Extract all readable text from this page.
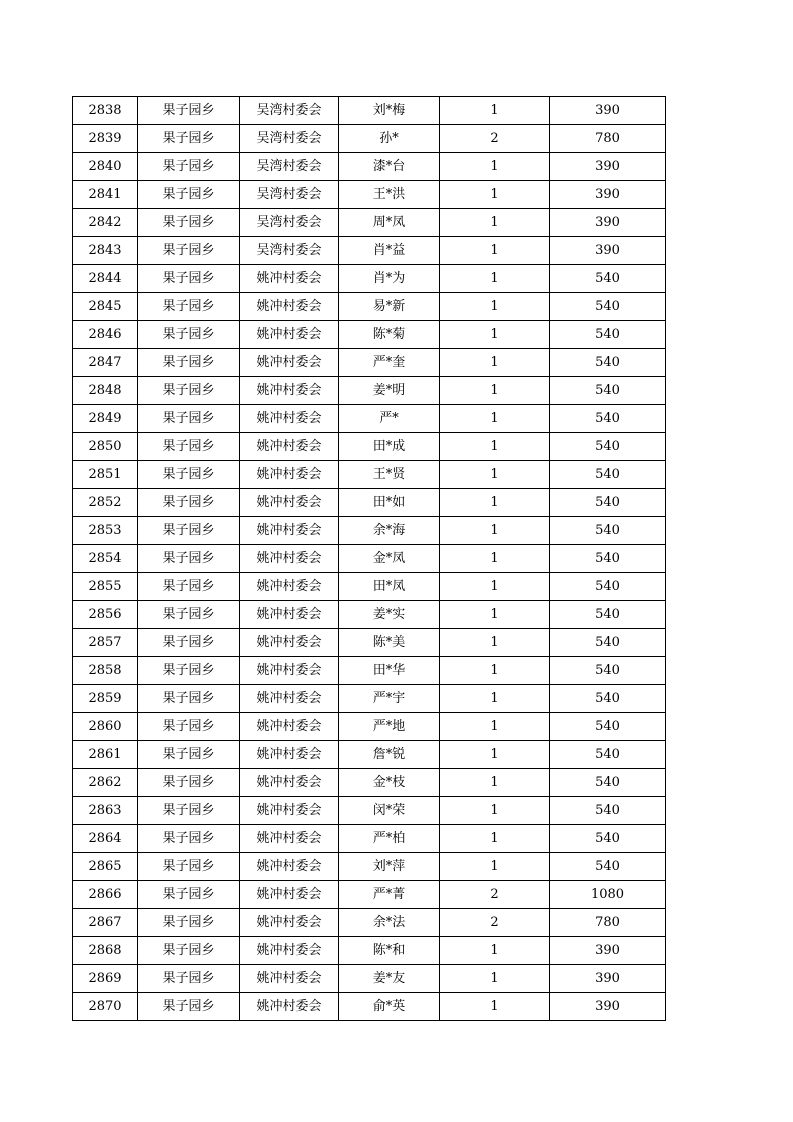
2838	果子园乡	吴湾村委会	刘*梅	1	390
2839	果子园乡	吴湾村委会	孙*	2	780
2840	果子园乡	吴湾村委会	漆*台	1	390
2841	果子园乡	吴湾村委会	王*洪	1	390
2842	果子园乡	吴湾村委会	周*凤	1	390
2843	果子园乡	吴湾村委会	肖*益	1	390
2844	果子园乡	姚冲村委会	肖*为	1	540
2845	果子园乡	姚冲村委会	易*新	1	540
2846	果子园乡	姚冲村委会	陈*菊	1	540
2847	果子园乡	姚冲村委会	严*奎	1	540
2848	果子园乡	姚冲村委会	姜*明	1	540
2849	果子园乡	姚冲村委会	严*	1	540
2850	果子园乡	姚冲村委会	田*成	1	540
2851	果子园乡	姚冲村委会	王*贤	1	540
2852	果子园乡	姚冲村委会	田*如	1	540
2853	果子园乡	姚冲村委会	余*海	1	540
2854	果子园乡	姚冲村委会	金*凤	1	540
2855	果子园乡	姚冲村委会	田*凤	1	540
2856	果子园乡	姚冲村委会	姜*实	1	540
2857	果子园乡	姚冲村委会	陈*美	1	540
2858	果子园乡	姚冲村委会	田*华	1	540
2859	果子园乡	姚冲村委会	严*宇	1	540
2860	果子园乡	姚冲村委会	严*地	1	540
2861	果子园乡	姚冲村委会	詹*锐	1	540
2862	果子园乡	姚冲村委会	金*枝	1	540
2863	果子园乡	姚冲村委会	闵*荣	1	540
2864	果子园乡	姚冲村委会	严*柏	1	540
2865	果子园乡	姚冲村委会	刘*萍	1	540
2866	果子园乡	姚冲村委会	严*菁	2	1080
2867	果子园乡	姚冲村委会	余*法	2	780
2868	果子园乡	姚冲村委会	陈*和	1	390
2869	果子园乡	姚冲村委会	姜*友	1	390
2870	果子园乡	姚冲村委会	俞*英	1	390
